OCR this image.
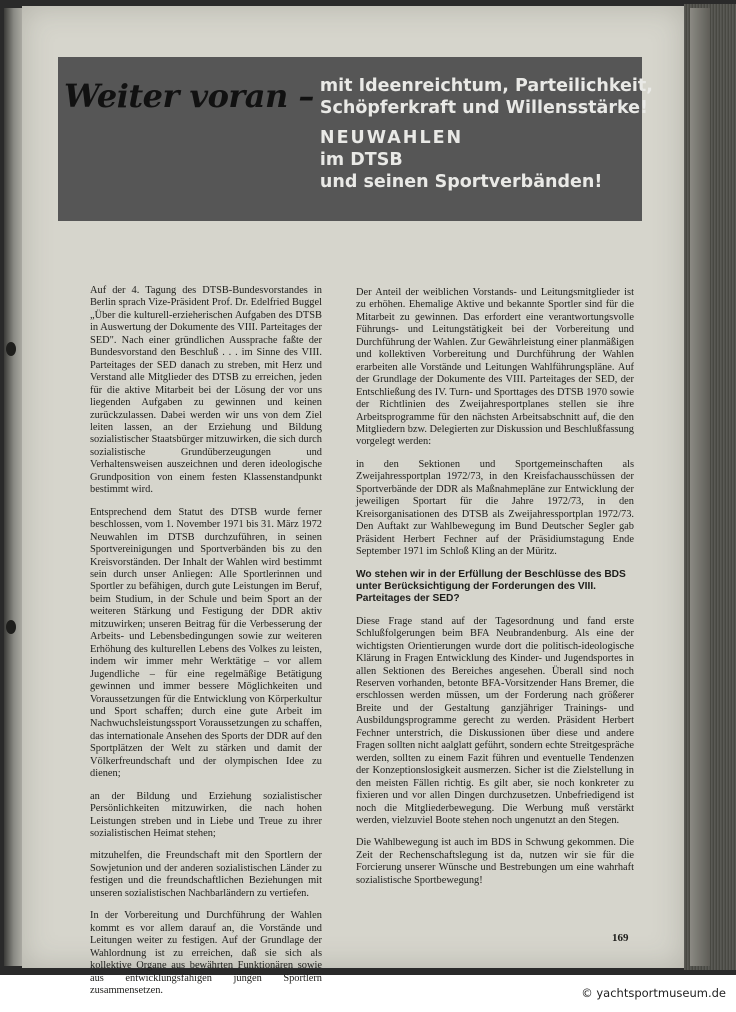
Weiter voran – mit Ideenreichtum, Parteilichkeit,
Schöpferkraft und Willensstärke!
NEUWAHLEN
im DTSB
und seinen Sportverbänden!

Auf der 4. Tagung des DTSB-Bundesvorstandes in Berlin sprach Vize-Präsident Prof. Dr. Edelfried Buggel „Über die kulturell-erzieherischen Aufgaben des DTSB in Auswertung der Dokumente des VIII. Parteitages der SED". Nach einer gründlichen Aussprache faßte der Bundesvorstand den Beschluß . . . im Sinne des VIII. Parteitages der SED danach zu streben, mit Herz und Verstand alle Mitglieder des DTSB zu erreichen, jeden für die aktive Mitarbeit bei der Lösung der vor uns liegenden Aufgaben zu gewinnen und keinen zurückzulassen. Dabei werden wir uns von dem Ziel leiten lassen, an der Erziehung und Bildung sozialistischer Staatsbürger mitzuwirken, die sich durch sozialistische Grundüberzeugungen und Verhaltensweisen auszeichnen und deren ideologische Grundposition von einem festen Klassenstandpunkt bestimmt wird.

Entsprechend dem Statut des DTSB wurde ferner beschlossen, vom 1. November 1971 bis 31. März 1972 Neuwahlen im DTSB durchzuführen, in seinen Sportvereinigungen und Sportverbänden bis zu den Kreisvorständen. Der Inhalt der Wahlen wird bestimmt sein durch unser Anliegen: Alle Sportlerinnen und Sportler zu befähigen, durch gute Leistungen im Beruf, beim Studium, in der Schule und beim Sport an der weiteren Stärkung und Festigung der DDR aktiv mitzuwirken; unseren Beitrag für die Verbesserung der Arbeits- und Lebensbedingungen sowie zur weiteren Erhöhung des kulturellen Lebens des Volkes zu leisten, indem wir immer mehr Werktätige – vor allem Jugendliche – für eine regelmäßige Betätigung gewinnen und immer bessere Möglichkeiten und Voraussetzungen für die Entwicklung von Körperkultur und Sport schaffen; durch eine gute Arbeit im Nachwuchsleistungssport Voraussetzungen zu schaffen, das internationale Ansehen des Sports der DDR auf den Sportplätzen der Welt zu stärken und damit der Völkerfreundschaft und der olympischen Idee zu dienen;

an der Bildung und Erziehung sozialistischer Persönlichkeiten mitzuwirken, die nach hohen Leistungen streben und in Liebe und Treue zu ihrer sozialistischen Heimat stehen;

mitzuhelfen, die Freundschaft mit den Sportlern der Sowjetunion und der anderen sozialistischen Länder zu festigen und die freundschaftlichen Beziehungen mit unseren sozialistischen Nachbarländern zu vertiefen.

In der Vorbereitung und Durchführung der Wahlen kommt es vor allem darauf an, die Vorstände und Leitungen weiter zu festigen. Auf der Grundlage der Wahlordnung ist zu erreichen, daß sie sich als kollektive Organe aus bewährten Funktionären sowie aus entwicklungsfähigen jungen Sportlern zusammensetzen.

Der Anteil der weiblichen Vorstands- und Leitungsmitglieder ist zu erhöhen. Ehemalige Aktive und bekannte Sportler sind für die Mitarbeit zu gewinnen. Das erfordert eine verantwortungsvolle Führungs- und Leitungstätigkeit bei der Vorbereitung und Durchführung der Wahlen. Zur Gewährleistung einer planmäßigen und kollektiven Vorbereitung und Durchführung der Wahlen erarbeiten alle Vorstände und Leitungen Wahlführungspläne. Auf der Grundlage der Dokumente des VIII. Parteitages der SED, der Entschließung des IV. Turn- und Sporttages des DTSB 1970 sowie der Richtlinien des Zweijahresportplanes stellen sie ihre Arbeitsprogramme für den nächsten Arbeitsabschnitt auf, die den Mitgliedern bzw. Delegierten zur Diskussion und Beschlußfassung vorgelegt werden:

in den Sektionen und Sportgemeinschaften als Zweijahressportplan 1972/73, in den Kreisfachausschüssen der Sportverbände der DDR als Maßnahmepläne zur Entwicklung der jeweiligen Sportart für die Jahre 1972/73, in den Kreisorganisationen des DTSB als Zweijahressportplan 1972/73. Den Auftakt zur Wahlbewegung im Bund Deutscher Segler gab Präsident Herbert Fechner auf der Präsidiumstagung Ende September 1971 im Schloß Kling an der Müritz.

Wo stehen wir in der Erfüllung der Beschlüsse des BDS unter Berücksichtigung der Forderungen des VIII. Parteitages der SED?

Diese Frage stand auf der Tagesordnung und fand erste Schlußfolgerungen beim BFA Neubrandenburg. Als eine der wichtigsten Orientierungen wurde dort die politisch-ideologische Klärung in Fragen Entwicklung des Kinder- und Jugendsportes in allen Sektionen des Bereiches angesehen. Überall sind noch Reserven vorhanden, betonte BFA-Vorsitzender Hans Bremer, die erschlossen werden müssen, um der Forderung nach größerer Breite und der Gestaltung ganzjähriger Trainings- und Ausbildungsprogramme gerecht zu werden. Präsident Herbert Fechner unterstrich, die Diskussionen über diese und andere Fragen sollten nicht aalglatt geführt, sondern echte Streitgespräche werden, sollten zu einem Fazit führen und eventuelle Tendenzen der Konzeptionslosigkeit ausmerzen. Sicher ist die Zielstellung in den meisten Fällen richtig. Es gilt aber, sie noch konkreter zu fixieren und vor allen Dingen durchzusetzen. Unbefriedigend ist noch die Mitgliederbewegung. Die Werbung muß verstärkt werden, vielzuviel Boote stehen noch ungenutzt an den Stegen.

Die Wahlbewegung ist auch im BDS in Schwung gekommen. Die Zeit der Rechenschaftslegung ist da, nutzen wir sie für die Forcierung unserer Wünsche und Bestrebungen um eine wahrhaft sozialistische Sportbewegung!

169
© yachtsportmuseum.de
